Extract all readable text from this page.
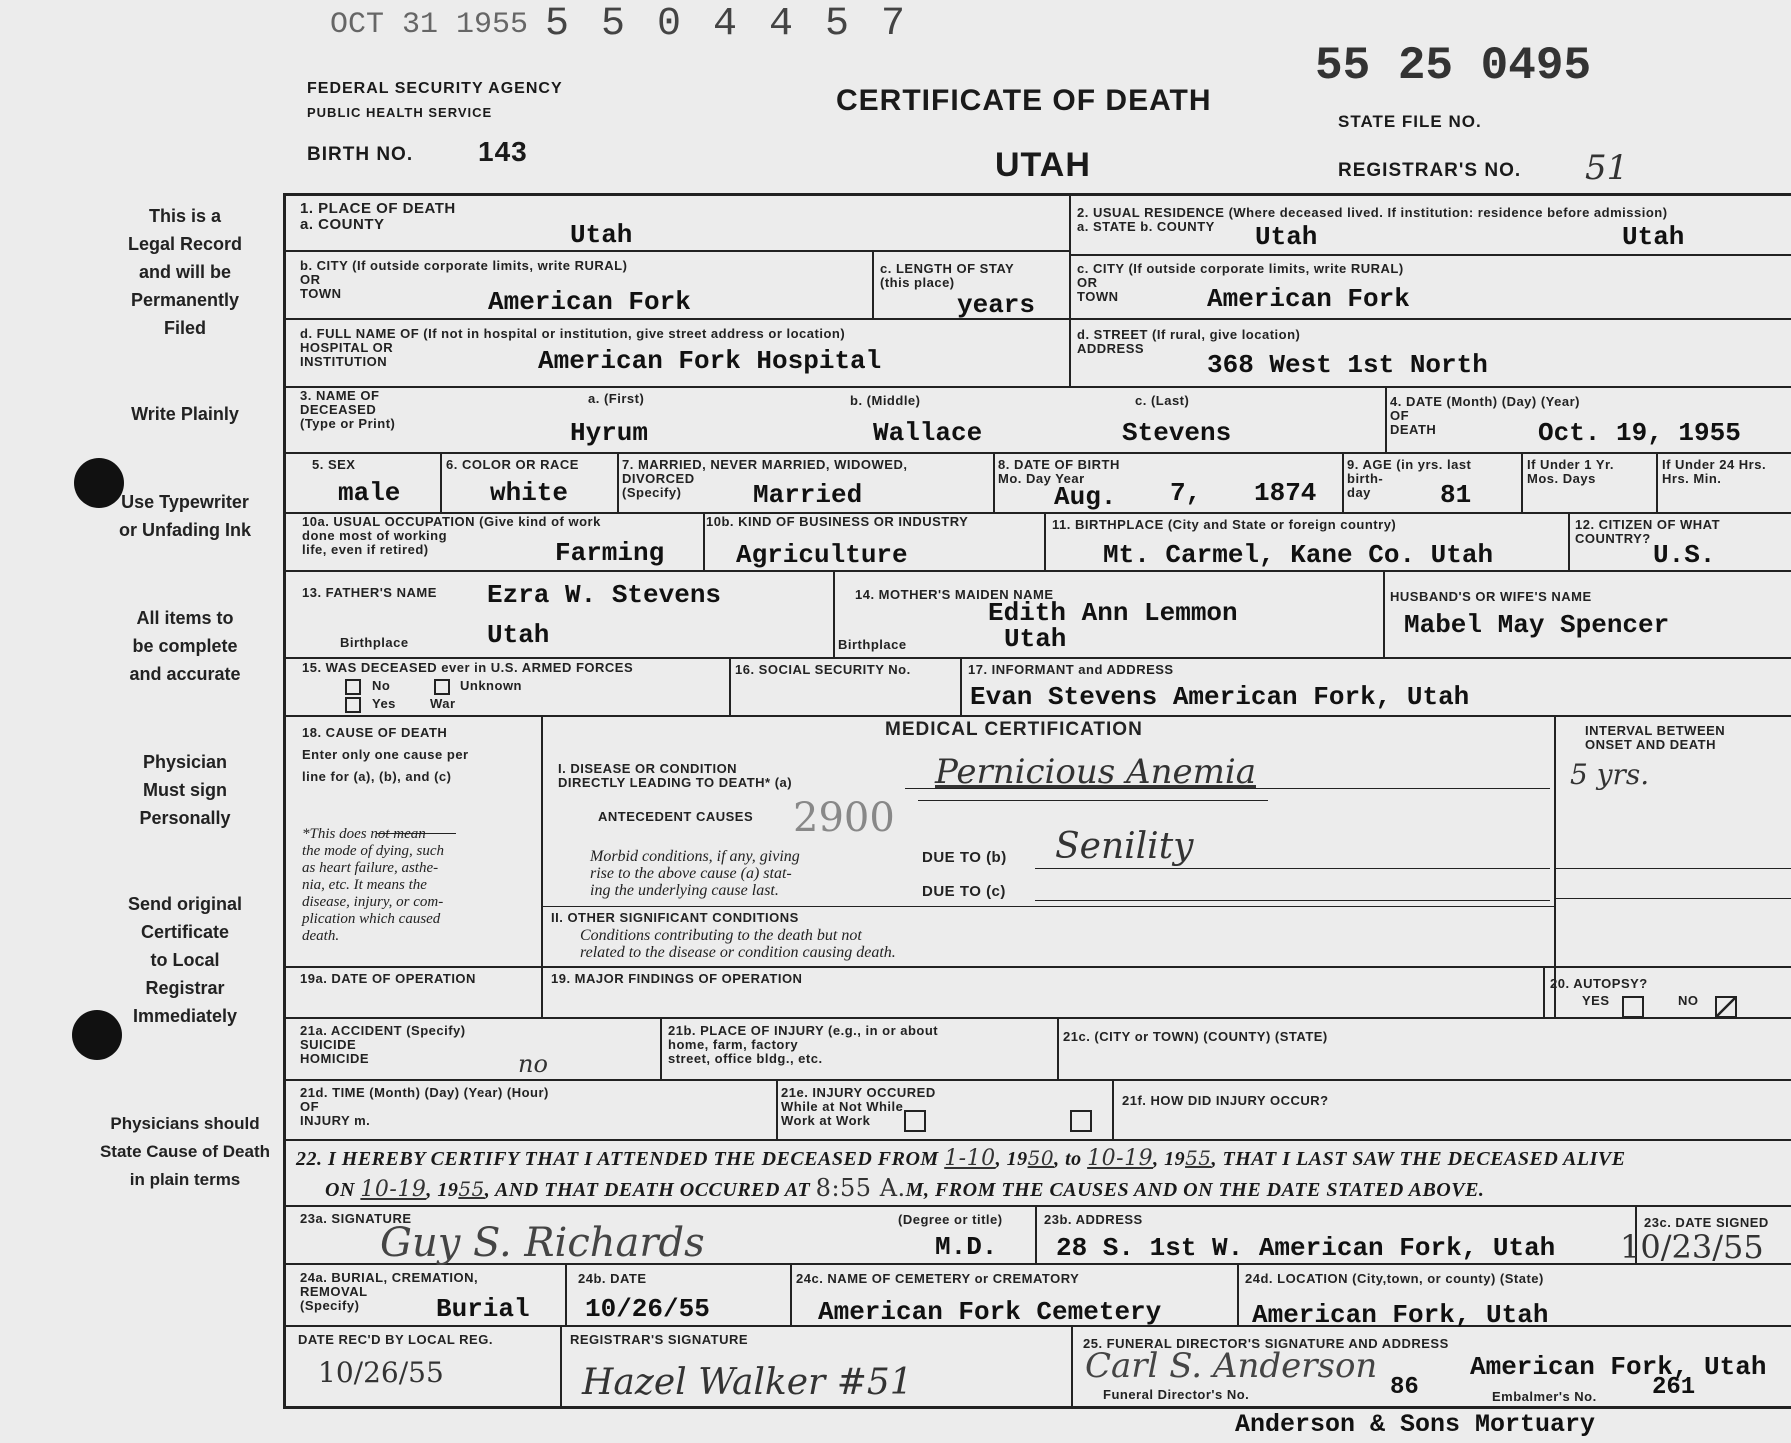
OCT 31 1955 5 5 0 4 4 5 7
FEDERAL SECURITY AGENCY
PUBLIC HEALTH SERVICE	CERTIFICATE OF DEATH
UTAH
BIRTH NO. 143
55 25 0495
STATE FILE NO.
REGISTRAR'S NO. 51
This is a
Legal Record
and will be
Permanently
Filed
Write Plainly
Use Typewriter
or Unfading Ink
All items to
be complete
and accurate
Physician
Must sign
Personally
Send original
Certificate
to Local
Registrar
Immediately
Physicians should
State Cause of Death
in plain terms
1. PLACE OF DEATH
a. COUNTY	Utah
2. USUAL RESIDENCE (Where deceased lived. If institution: residence before admission)
a. STATE b. COUNTY	Utah	Utah
b. CITY (If outside corporate limits, write RURAL)
OR
TOWN	American Fork
c. LENGTH OF STAY
(this place)
years
c. CITY (If outside corporate limits, write RURAL)
OR
TOWN	American Fork
d. FULL NAME OF (If not in hospital or institution, give street address or location)
HOSPITAL OR
INSTITUTION	American Fork Hospital
d. STREET (If rural, give location)
ADDRESS
368 West 1st North
3. NAME OF
DECEASED
(Type or Print)
a. (First)	b. (Middle)	c. (Last)
Hyrum	Wallace	Stevens
4. DATE (Month) (Day) (Year)
OF
DEATH	Oct. 19, 1955
5. SEX
male
6. COLOR OR RACE
white
7. MARRIED, NEVER MARRIED, WIDOWED,
DIVORCED
(Specify)	Married
8. DATE OF BIRTH
Mo. Day Year
Aug. 7, 1874
9. AGE (in yrs. last
birth-
day	81
If Under 1 Yr.
Mos. Days
If Under 24 Hrs.
Hrs. Min.
10a. USUAL OCCUPATION (Give kind of work
done most of working
life, even if retired)	Farming
10b. KIND OF BUSINESS OR INDUSTRY
Agriculture
11. BIRTHPLACE (City and State or foreign country)
Mt. Carmel, Kane Co. Utah
12. CITIZEN OF WHAT
COUNTRY?
U.S.
13. FATHER'S NAME Ezra W. Stevens
Birthplace	Utah
14. MOTHER'S MAIDEN NAME
Edith Ann Lemmon
Birthplace	Utah
HUSBAND'S OR WIFE'S NAME
Mabel May Spencer
15. WAS DECEASED ever in U.S. ARMED FORCES
No
Yes
Unknown
War
16. SOCIAL SECURITY No.	17. INFORMANT and ADDRESS
Evan Stevens American Fork, Utah
18. CAUSE OF DEATH
Enter only one cause per
line for (a), (b), and (c)
*This does not mean
the mode of dying, such
as heart failure, asthe-
nia, etc. It means the
disease, injury, or com-
plication which caused
death.
MEDICAL CERTIFICATION	INTERVAL BETWEEN
ONSET AND DEATH
I. DISEASE OR CONDITION
DIRECTLY LEADING TO DEATH* (a)	Pernicious Anemia	5 yrs.
ANTECEDENT CAUSES 2900
Morbid conditions, if any, giving
rise to the above cause (a) stat-
ing the underlying cause last.
DUE TO (b) Senility
DUE TO (c)
II. OTHER SIGNIFICANT CONDITIONS
Conditions contributing to the death but not
related to the disease or condition causing death.
19a. DATE OF OPERATION	19. MAJOR FINDINGS OF OPERATION	20. AUTOPSY?
YES	NO
21a. ACCIDENT (Specify)
SUICIDE
HOMICIDE	no
21b. PLACE OF INJURY (e.g., in or about
home, farm, factory
street, office bldg., etc.
21c. (CITY or TOWN) (COUNTY) (STATE)
21d. TIME (Month) (Day) (Year) (Hour)
OF
INJURY m.
21e. INJURY OCCURED
While at Not While
Work at Work
21f. HOW DID INJURY OCCUR?
22. I HEREBY CERTIFY THAT I ATTENDED THE DECEASED FROM 1-10, 1950, to 10-19, 1955, THAT I LAST SAW THE DECEASED ALIVE
ON 10-19, 1955, AND THAT DEATH OCCURED AT 8:55 A.M, FROM THE CAUSES AND ON THE DATE STATED ABOVE.
23a. SIGNATURE
Guy S. Richards
(Degree or title)
M.D.
23b. ADDRESS
28 S. 1st W. American Fork, Utah
23c. DATE SIGNED
10/23/55
24a. BURIAL, CREMATION,
REMOVAL
(Specify)	Burial
24b. DATE
10/26/55
24c. NAME OF CEMETERY or CREMATORY
American Fork Cemetery
24d. LOCATION (City,town, or county) (State)
American Fork, Utah
DATE REC'D BY LOCAL REG.
10/26/55
REGISTRAR'S SIGNATURE
Hazel Walker #51
25. FUNERAL DIRECTOR'S SIGNATURE AND ADDRESS
Carl S. Anderson	American Fork, Utah
Funeral Director's No.	86	Embalmer's No. 261
Anderson & Sons Mortuary
